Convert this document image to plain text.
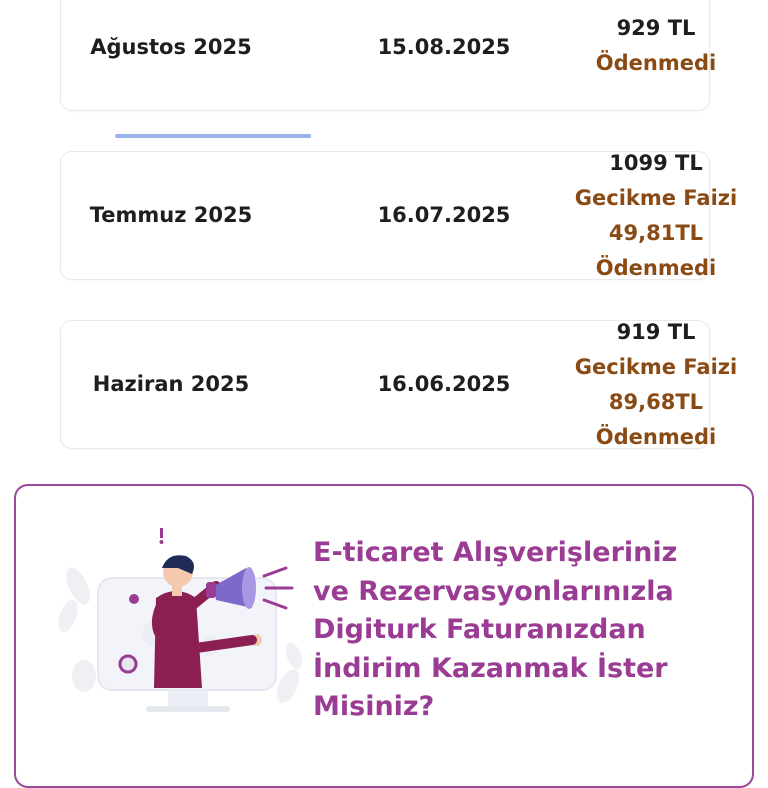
Ağustos 2025	15.08.2025
929 TL
Ödenmedi
Temmuz 2025	16.07.2025
1099 TL
Gecikme Faizi
49,81TL
Ödenmedi
Haziran 2025	16.06.2025
919 TL
Gecikme Faizi
89,68TL
Ödenmedi
E-ticaret Alışverişleriniz
ve Rezervasyonlarınızla
Digiturk Faturanızdan
İndirim Kazanmak İster
Misiniz?
